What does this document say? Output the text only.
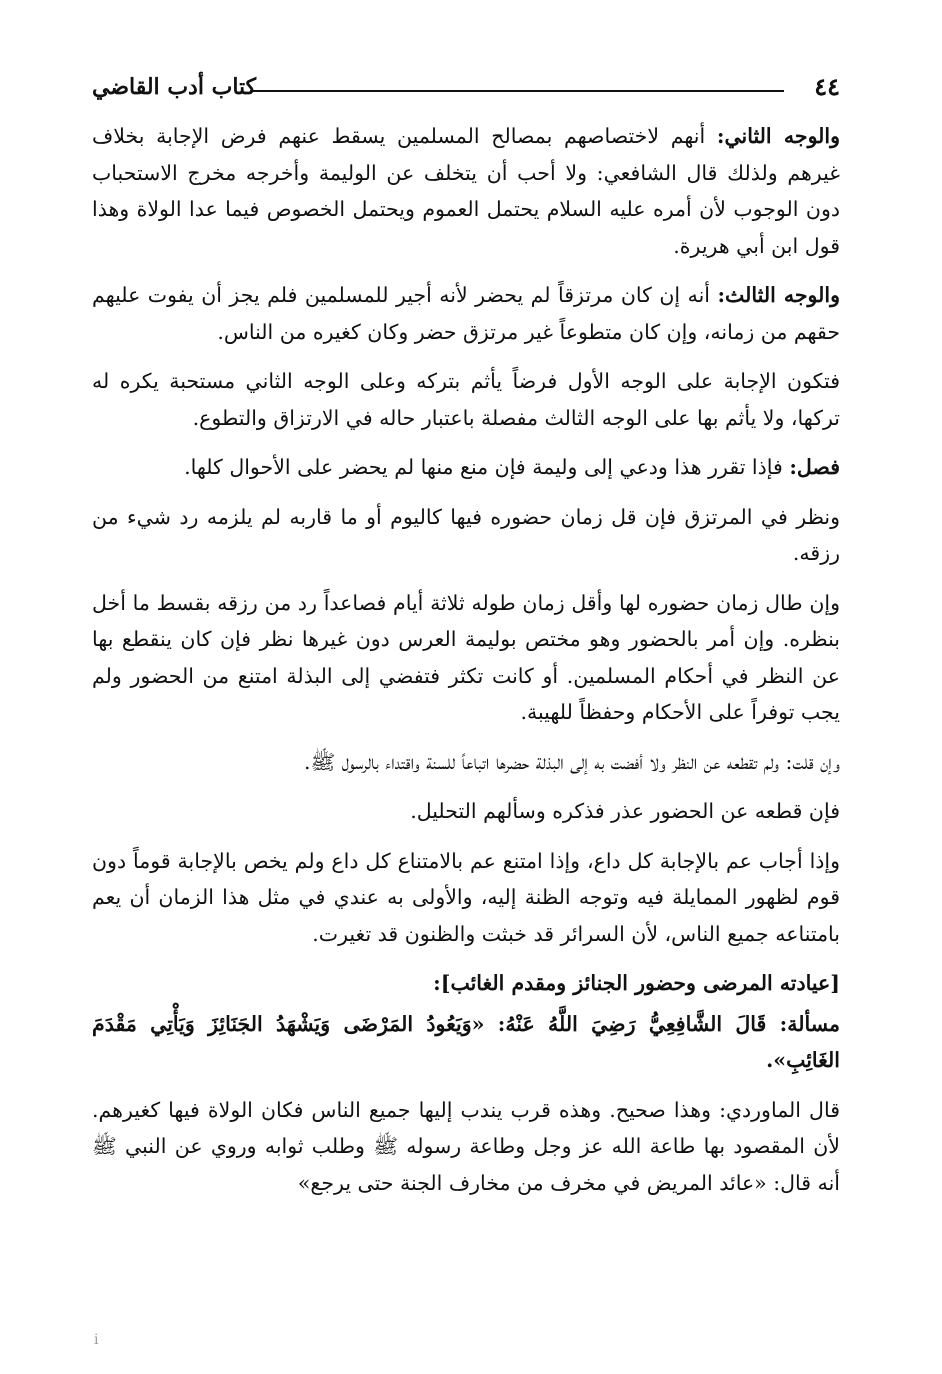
٤٤
كتاب أدب القاضي

والوجه الثاني: أنهم لاختصاصهم بمصالح المسلمين يسقط عنهم فرض الإجابة بخلاف غيرهم ولذلك قال الشافعي: ولا أحب أن يتخلف عن الوليمة وأخرجه مخرج الاستحباب دون الوجوب لأن أمره عليه السلام يحتمل العموم ويحتمل الخصوص فيما عدا الولاة وهذا قول ابن أبي هريرة.

والوجه الثالث: أنه إن كان مرتزقاً لم يحضر لأنه أجير للمسلمين فلم يجز أن يفوت عليهم حقهم من زمانه، وإن كان متطوعاً غير مرتزق حضر وكان كغيره من الناس.

فتكون الإجابة على الوجه الأول فرضاً يأثم بتركه وعلى الوجه الثاني مستحبة يكره له تركها، ولا يأثم بها على الوجه الثالث مفصلة باعتبار حاله في الارتزاق والتطوع.

فصل: فإذا تقرر هذا ودعي إلى وليمة فإن منع منها لم يحضر على الأحوال كلها.

ونظر في المرتزق فإن قل زمان حضوره فيها كاليوم أو ما قاربه لم يلزمه رد شيء من رزقه.

وإن طال زمان حضوره لها وأقل زمان طوله ثلاثة أيام فصاعداً رد من رزقه بقسط ما أخل بنظره. وإن أمر بالحضور وهو مختص بوليمة العرس دون غيرها نظر فإن كان ينقطع بها عن النظر في أحكام المسلمين. أو كانت تكثر فتفضي إلى البذلة امتنع من الحضور ولم يجب توفراً على الأحكام وحفظاً للهيبة.

وإن قلت: ولم تقطعه عن النظر ولا أفضت به إلى البذلة حضرها اتباعاً للسنة واقتداء بالرسول ﷺ.

فإن قطعه عن الحضور عذر فذكره وسألهم التحليل.

وإذا أجاب عم بالإجابة كل داع، وإذا امتنع عم بالامتناع كل داع ولم يخص بالإجابة قوماً دون قوم لظهور الممايلة فيه وتوجه الظنة إليه، والأولى به عندي في مثل هذا الزمان أن يعم بامتناعه جميع الناس، لأن السرائر قد خبثت والظنون قد تغيرت.

[عيادته المرضى وحضور الجنائز ومقدم الغائب]:

مسألة: قَالَ الشَّافِعِيُّ رَضِيَ اللَّهُ عَنْهُ: «وَيَعُودُ المَرْضَى وَيَشْهَدُ الجَنَائِزَ وَيَأْتِي مَقْدَمَ الغَائِبِ».

قال الماوردي: وهذا صحيح. وهذه قرب يندب إليها جميع الناس فكان الولاة فيها كغيرهم. لأن المقصود بها طاعة الله عز وجل وطاعة رسوله ﷺ وطلب ثوابه وروي عن النبي ﷺ أنه قال: «عائد المريض في مخرف من مخارف الجنة حتى يرجع»

ⅰ
